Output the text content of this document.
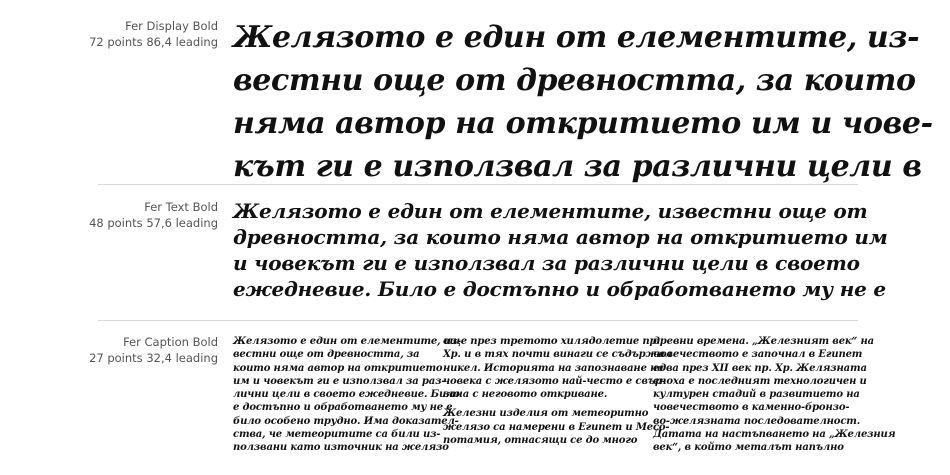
Fer Display Bold
72 points 86,4 leading Желязото е един от елементите, из-
вестни още от древността, за които
няма автор на откритието им и чове-
кът ги е използвал за различни цели в
Fer Text Bold
48 points 57,6 leading Желязото е един от елементите, известни още от
древността, за които няма автор на откритието им
и човекът ги е използвал за различни цели в своето
ежедневие. Било е достъпно и обработването му не е
Fer Caption Bold
27 points 32,4 leading
Желязото е един от елементите, из-
вестни още от древността, за
които няма автор на откритието
им и човекът ги е използвал за раз-
лични цели в своето ежедневие. Било
е достъпно и обработването му не е
било особено трудно. Има доказател-
ства, че метеоритите са били из-
ползвани като източник на желязо
още през третото хилядолетие пр.
Хр. и в тях почти винаги се съдържал
никел. Историята на запознаване на
човека с желязото най-често е свър-
зана с неговото откриване.
Железни изделия от метеоритно
желязо са намерени в Египет и Месо-
потамия, отнасящи се до много
древни времена. „Железният век“ на
човечеството е започнал в Египет
едва през XII век пр. Хр. Желязната
епоха е последният технологичен и
културен стадий в развитието на
човечеството в каменно-бронзо-
во-желязната последователност.
Датата на настъпването на „Железния
век“, в който металът напълно
